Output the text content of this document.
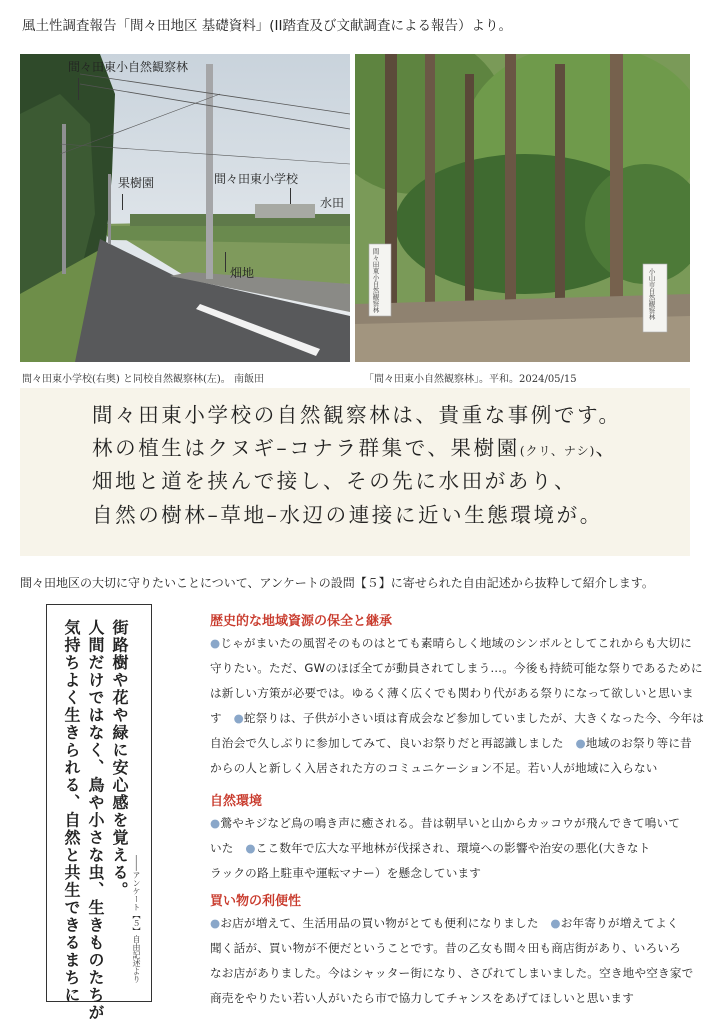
風土性調査報告「間々田地区 基礎資料」(II踏査及び文献調査による報告）より。
間々田東小自然観察林
果樹園	間々田東小学校
水田
畑地	間々田東小自然観察林	小山市自然観察林
間々田東小学校(右奥) と同校自然観察林(左)。 南飯田	「間々田東小自然観察林」。平和。2024/05/15
間々田東小学校の自然観察林は、貴重な事例です。
林の植生はクヌギ–コナラ群集で、果樹園(クリ、ナシ)、
畑地と道を挟んで接し、その先に水田があり、
自然の樹林–草地–水辺の連接に近い生態環境が。
間々田地区の大切に守りたいことについて、アンケートの設問【５】に寄せられた自由記述から抜粋して紹介します。
街路樹や花や緑に安心感を覚える。
人間だけではなく、鳥や小さな虫、生きものたちが
気持ちよく生きられる、自然と共生できるまちに	――アンケート【５】自由記述より
歴史的な地域資源の保全と継承
●じゃがまいたの風習そのものはとても素晴らしく地域のシンボルとしてこれからも大切に
守りたい。ただ、GWのほぼ全てが動員されてしまう…。今後も持続可能な祭りであるために
は新しい方策が必要では。ゆるく薄く広くでも関わり代がある祭りになって欲しいと思いま
す　 ●蛇祭りは、子供が小さい頃は育成会など参加していましたが、大きくなった今、今年は
自治会で久しぶりに参加してみて、良いお祭りだと再認識しました　 ●地域のお祭り等に昔
からの人と新しく入居された方のコミュニケーション不足。若い人が地域に入らない
自然環境
●鶯やキジなど鳥の鳴き声に癒される。昔は朝早いと山からカッコウが飛んできて鳴いて
いた　 ●ここ数年で広大な平地林が伐採され、環境への影響や治安の悪化(大きなト
ラックの路上駐車や運転マナー）を懸念しています
買い物の利便性
●お店が増えて、生活用品の買い物がとても便利になりました　 ●お年寄りが増えてよく
聞く話が、買い物が不便だということです。昔の乙女も間々田も商店街があり、いろいろ
なお店がありました。今はシャッター街になり、さびれてしまいました。空き地や空き家で
商売をやりたい若い人がいたら市で協力してチャンスをあげてほしいと思います
